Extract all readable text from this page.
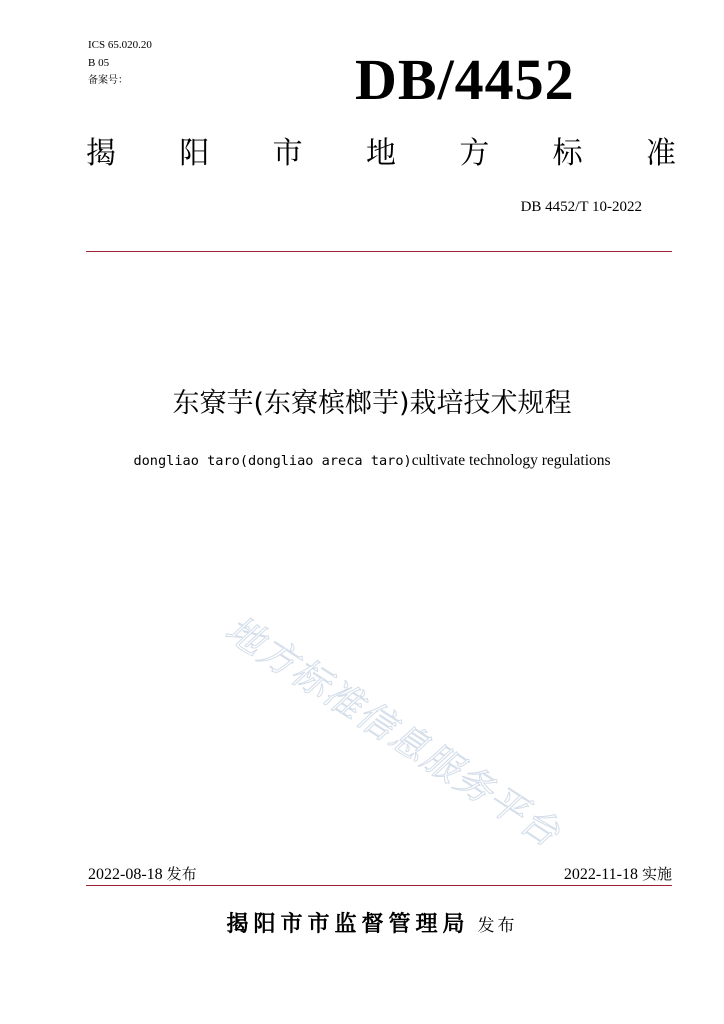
ICS 65.020.20
B 05
备案号：	DB/4452
揭 阳 市 地 方 标 准
DB 4452/T 10-2022
东寮芋(东寮槟榔芋)栽培技术规程
dongliao taro(dongliao areca taro)cultivate technology regulations
地方标准信息服务平台
2022-08-18 发布	2022-11-18 实施
揭阳市市监督管理局 发布
